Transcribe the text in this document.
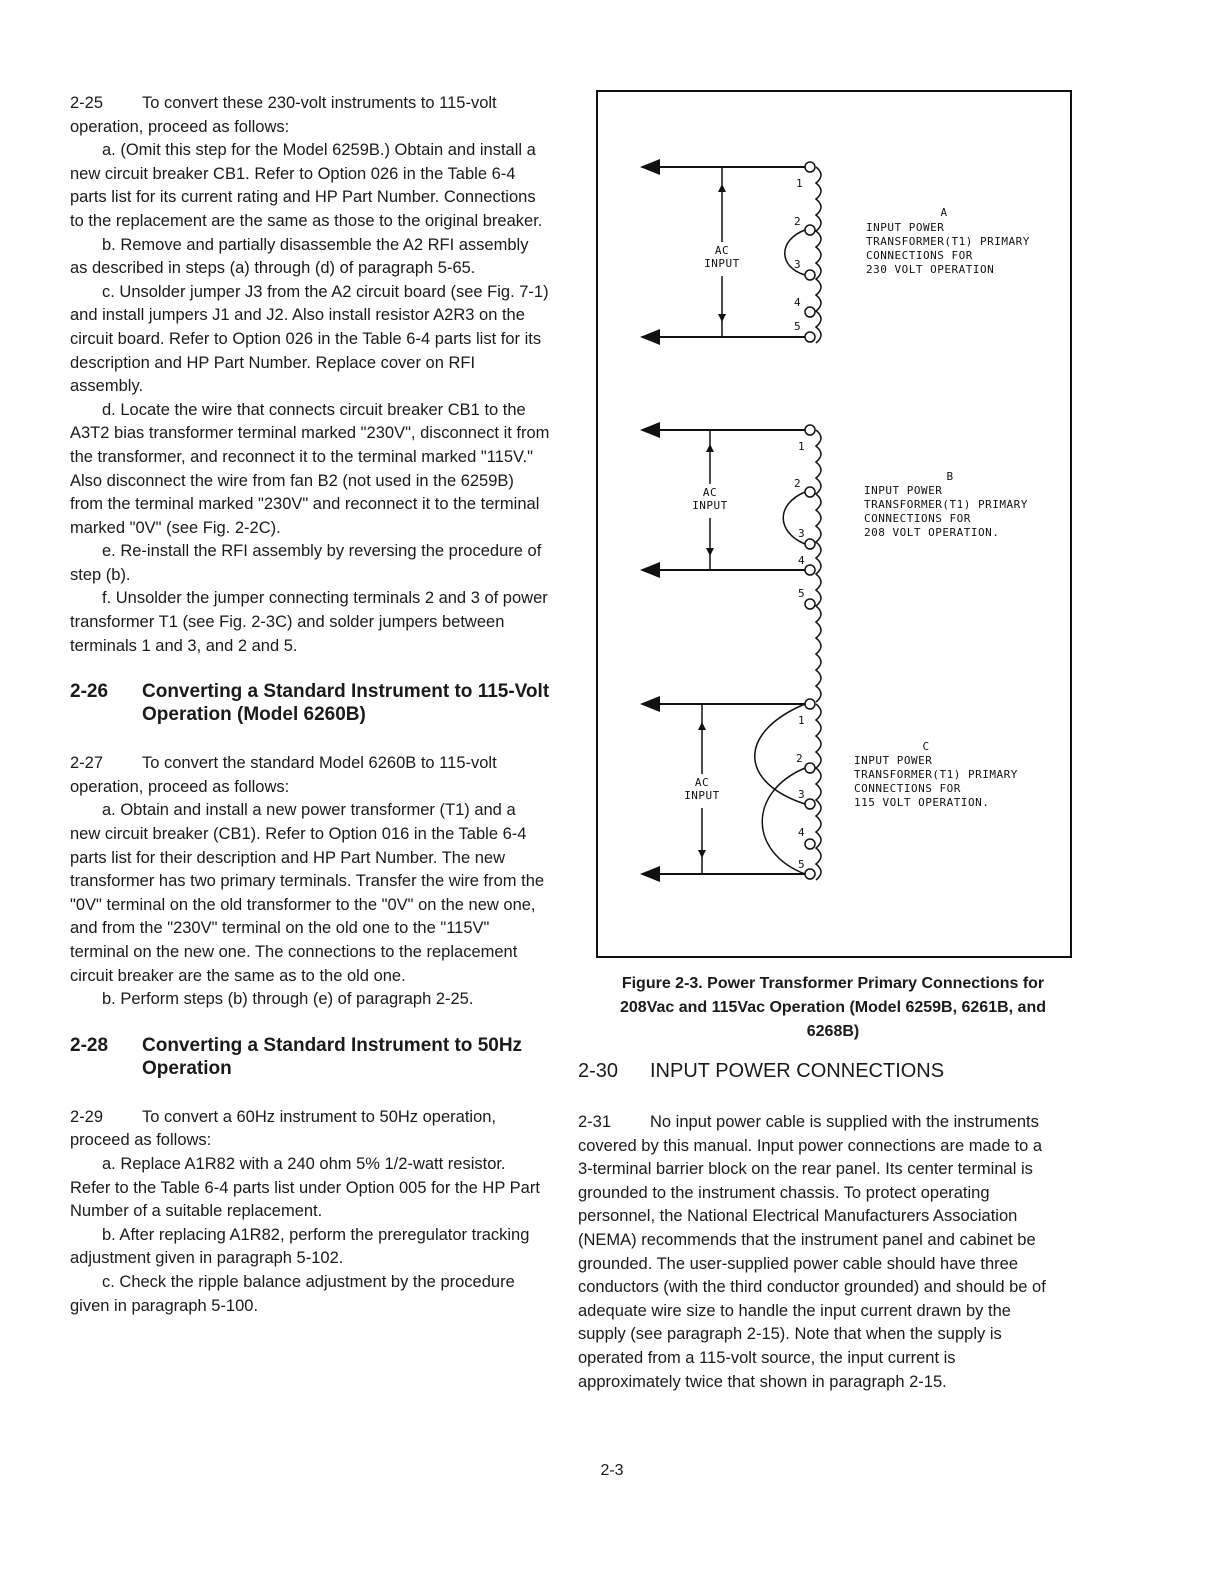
2-25 To convert these 230-volt instruments to 115-volt operation, proceed as follows:

a. (Omit this step for the Model 6259B.) Obtain and install a new circuit breaker CB1. Refer to Option 026 in the Table 6-4 parts list for its current rating and HP Part Number. Connections to the replacement are the same as those to the original breaker.

b. Remove and partially disassemble the A2 RFI assembly as described in steps (a) through (d) of paragraph 5-65.

c. Unsolder jumper J3 from the A2 circuit board (see Fig. 7-1) and install jumpers J1 and J2. Also install resistor A2R3 on the circuit board. Refer to Option 026 in the Table 6-4 parts list for its description and HP Part Number. Replace cover on RFI assembly.

d. Locate the wire that connects circuit breaker CB1 to the A3T2 bias transformer terminal marked "230V", disconnect it from the transformer, and reconnect it to the terminal marked "115V." Also disconnect the wire from fan B2 (not used in the 6259B) from the terminal marked "230V" and reconnect it to the terminal marked "0V" (see Fig. 2-2C).

e. Re-install the RFI assembly by reversing the procedure of step (b).

f. Unsolder the jumper connecting terminals 2 and 3 of power transformer T1 (see Fig. 2-3C) and solder jumpers between terminals 1 and 3, and 2 and 5.

2-26	Converting a Standard Instrument to 115-Volt Operation (Model 6260B)

2-27 To convert the standard Model 6260B to 115-volt operation, proceed as follows:

a. Obtain and install a new power transformer (T1) and a new circuit breaker (CB1). Refer to Option 016 in the Table 6-4 parts list for their description and HP Part Number. The new transformer has two primary terminals. Transfer the wire from the "0V" terminal on the old transformer to the "0V" on the new one, and from the "230V" terminal on the old one to the "115V" terminal on the new one. The connections to the replacement circuit breaker are the same as to the old one.

b. Perform steps (b) through (e) of paragraph 2-25.

2-28	Converting a Standard Instrument to 50Hz Operation

2-29 To convert a 60Hz instrument to 50Hz operation, proceed as follows:

a. Replace A1R82 with a 240 ohm 5% 1/2-watt resistor. Refer to the Table 6-4 parts list under Option 005 for the HP Part Number of a suitable replacement.

b. After replacing A1R82, perform the preregulator tracking adjustment given in paragraph 5-102.

c. Check the ripple balance adjustment by the procedure given in paragraph 5-100.

AC
INPUT
1
2
3
4
5
A
INPUT POWER
TRANSFORMER(T1) PRIMARY
CONNECTIONS FOR
230 VOLT OPERATION
AC
INPUT
1
2
3
4
5
B
INPUT POWER
TRANSFORMER(T1) PRIMARY
CONNECTIONS FOR
208 VOLT OPERATION.
AC
INPUT
1
2
3
4
5
C
INPUT POWER
TRANSFORMER(T1) PRIMARY
CONNECTIONS FOR
115 VOLT OPERATION.

Figure 2-3. Power Transformer Primary Connections for 208Vac and 115Vac Operation (Model 6259B, 6261B, and 6268B)

2-30	INPUT POWER CONNECTIONS

2-31 No input power cable is supplied with the instruments covered by this manual. Input power connections are made to a 3-terminal barrier block on the rear panel. Its center terminal is grounded to the instrument chassis. To protect operating personnel, the National Electrical Manufacturers Association (NEMA) recommends that the instrument panel and cabinet be grounded. The user-supplied power cable should have three conductors (with the third conductor grounded) and should be of adequate wire size to handle the input current drawn by the supply (see paragraph 2-15). Note that when the supply is operated from a 115-volt source, the input current is approximately twice that shown in paragraph 2-15.

2-3
